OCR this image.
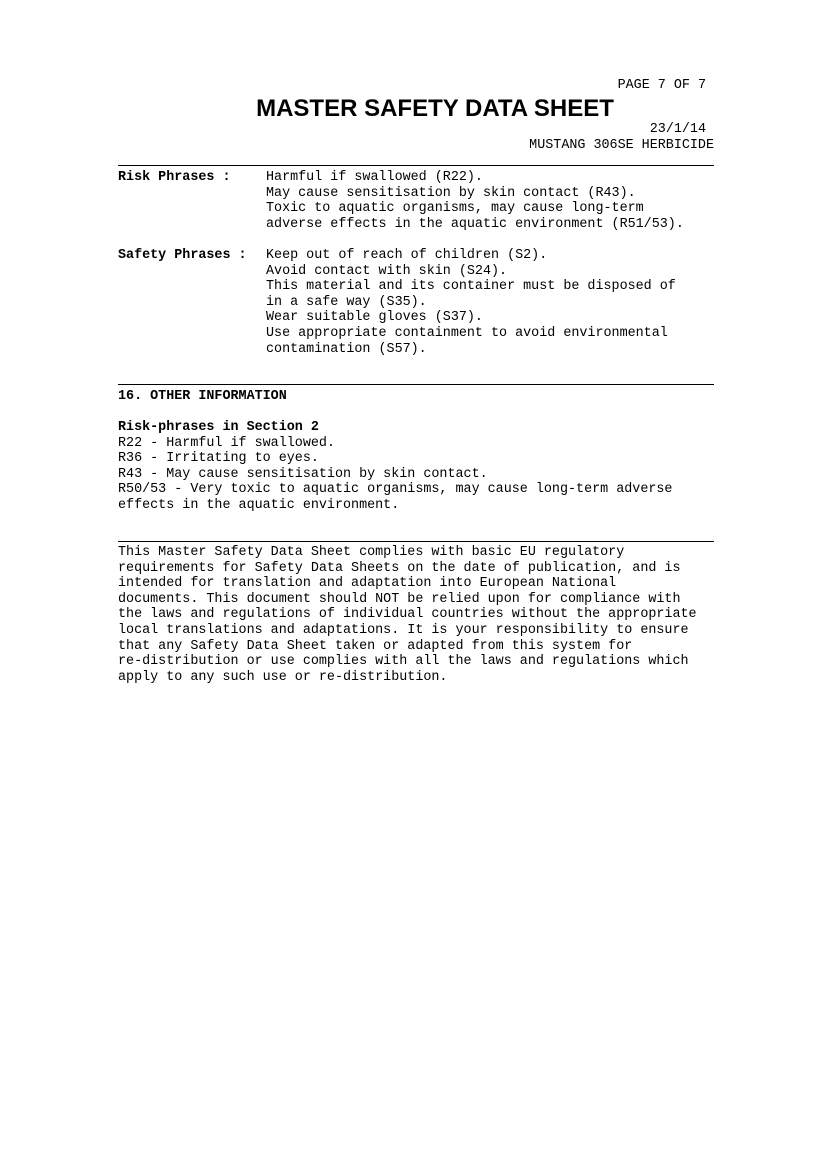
PAGE 7 OF 7
MASTER SAFETY DATA SHEET
23/1/14
MUSTANG 306SE HERBICIDE
Risk Phrases :	Harmful if swallowed (R22).
May cause sensitisation by skin contact (R43).
Toxic to aquatic organisms, may cause long-term
adverse effects in the aquatic environment (R51/53).
Safety Phrases : Keep out of reach of children (S2).
Avoid contact with skin (S24).
This material and its container must be disposed of
in a safe way (S35).
Wear suitable gloves (S37).
Use appropriate containment to avoid environmental
contamination (S57).
16. OTHER INFORMATION
Risk-phrases in Section 2
R22 - Harmful if swallowed.
R36 - Irritating to eyes.
R43 - May cause sensitisation by skin contact.
R50/53 - Very toxic to aquatic organisms, may cause long-term adverse
effects in the aquatic environment.
This Master Safety Data Sheet complies with basic EU regulatory
requirements for Safety Data Sheets on the date of publication, and is
intended for translation and adaptation into European National
documents. This document should NOT be relied upon for compliance with
the laws and regulations of individual countries without the appropriate
local translations and adaptations. It is your responsibility to ensure
that any Safety Data Sheet taken or adapted from this system for
re-distribution or use complies with all the laws and regulations which
apply to any such use or re-distribution.
